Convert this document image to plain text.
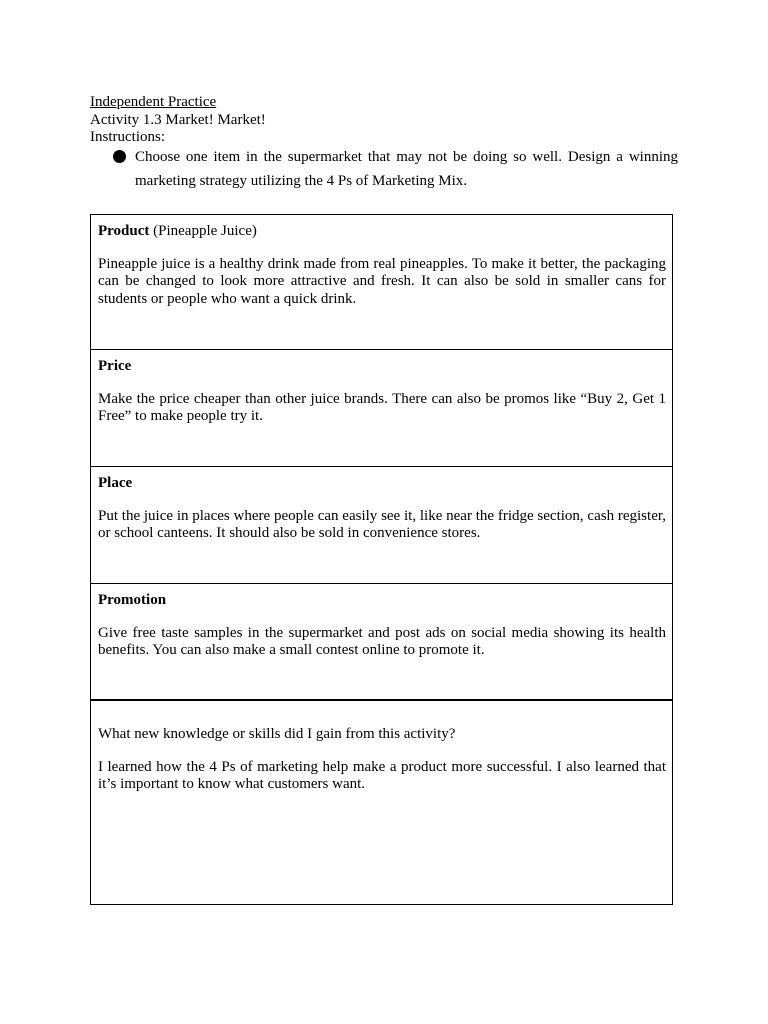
Independent Practice

Activity 1.3 Market! Market!

Instructions:

Choose one item in the supermarket that may not be doing so well. Design a winning marketing strategy utilizing the 4 Ps of Marketing Mix.

Product (Pineapple Juice)

Pineapple juice is a healthy drink made from real pineapples. To make it better, the packaging can be changed to look more attractive and fresh. It can also be sold in smaller cans for students or people who want a quick drink.

Price

Make the price cheaper than other juice brands. There can also be promos like “Buy 2, Get 1 Free” to make people try it.

Place

Put the juice in places where people can easily see it, like near the fridge section, cash register, or school canteens. It should also be sold in convenience stores.

Promotion

Give free taste samples in the supermarket and post ads on social media showing its health benefits. You can also make a small contest online to promote it.

What new knowledge or skills did I gain from this activity?

I learned how the 4 Ps of marketing help make a product more successful. I also learned that it’s important to know what customers want.
